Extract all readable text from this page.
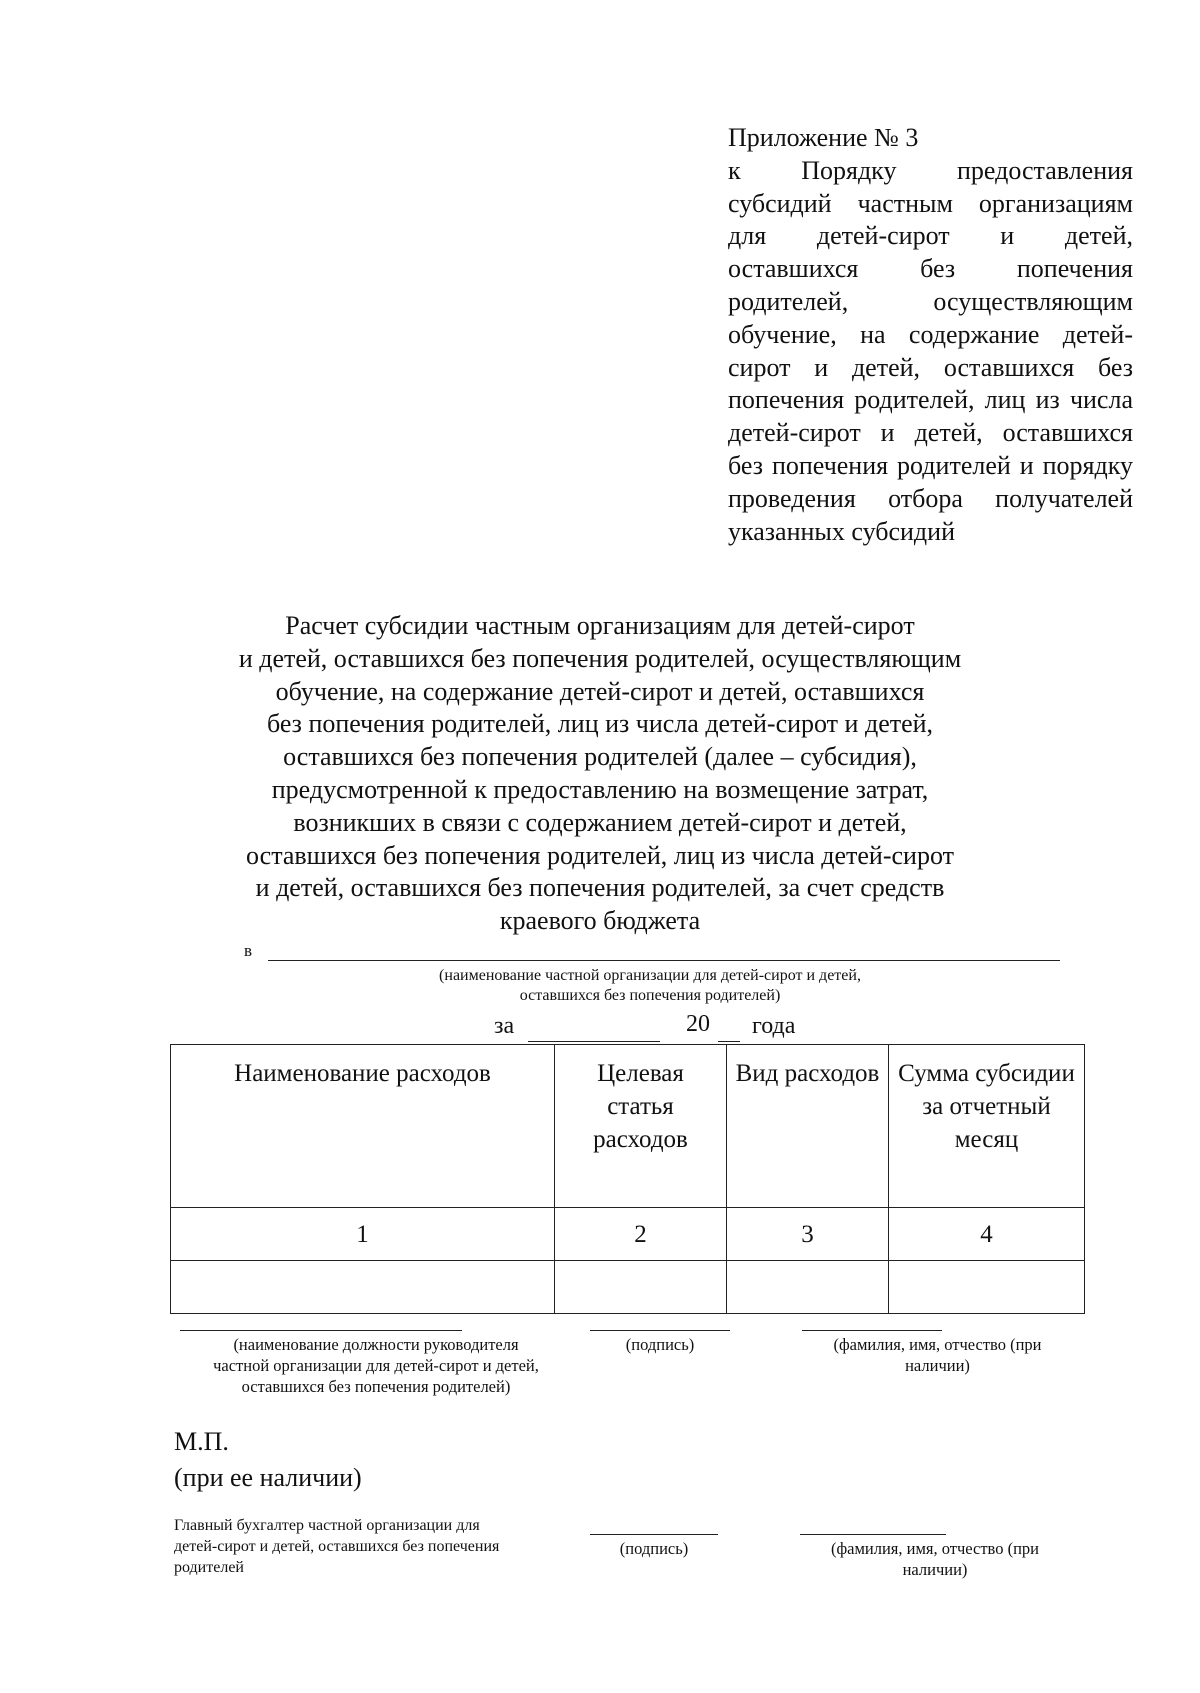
Приложение № 3
к Порядку предоставления субсидий частным организациям для детей-сирот и детей, оставшихся без попечения родителей, осуществляющим обучение, на содержание детей-сирот и детей, оставшихся без попечения родителей, лиц из числа детей-сирот и детей, оставшихся без попечения родителей и порядку проведения отбора получателей указанных субсидий
Расчет субсидии частным организациям для детей-сирот
и детей, оставшихся без попечения родителей, осуществляющим
обучение, на содержание детей-сирот и детей, оставшихся
без попечения родителей, лиц из числа детей-сирот и детей,
оставшихся без попечения родителей (далее – субсидия),
предусмотренной к предоставлению на возмещение затрат,
возникших в связи с содержанием детей-сирот и детей,
оставшихся без попечения родителей, лиц из числа детей-сирот
и детей, оставшихся без попечения родителей, за счет средств
краевого бюджета
в
(наименование частной организации для детей-сирот и детей,
оставшихся без попечения родителей)
за	20 года
Наименование расходов	Целевая статья расходов	Вид расходов	Сумма субсидии за отчетный месяц
1	2	3	4

(наименование должности руководителя
частной организации для детей-сирот и детей,
оставшихся без попечения родителей)
(подпись)	(фамилия, имя, отчество (при
наличии)
М.П.
(при ее наличии)
Главный бухгалтер частной организации для
детей-сирот и детей, оставшихся без попечения
родителей
(подпись)	(фамилия, имя, отчество (при
наличии)
